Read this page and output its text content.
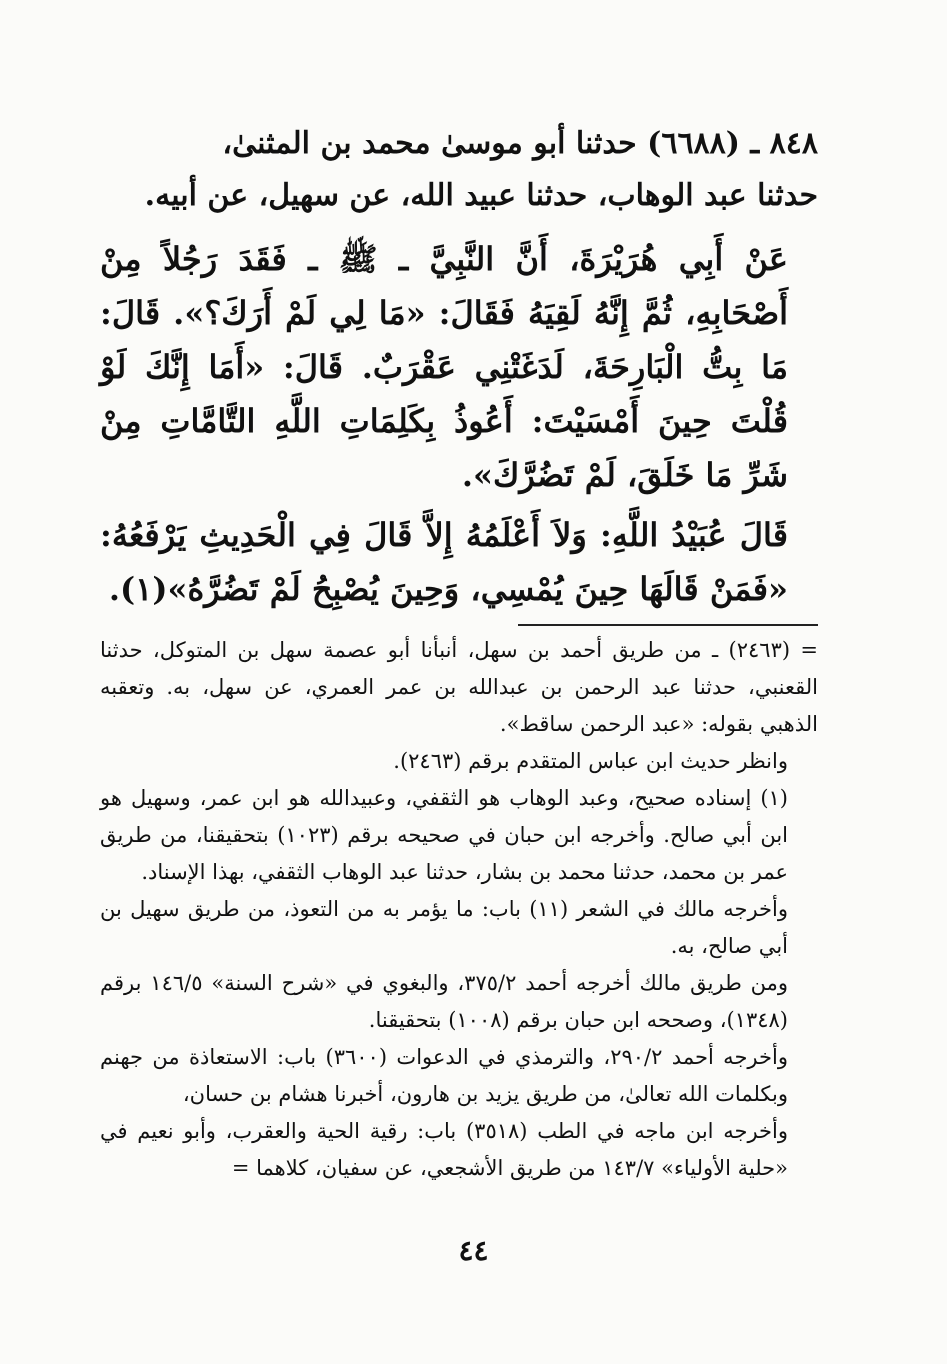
٨٤٨ ـ (٦٦٨٨) حدثنا أبو موسىٰ محمد بن المثنىٰ،

حدثنا عبد الوهاب، حدثنا عبيد الله، عن سهيل، عن أبيه.

عَنْ أَبِي هُرَيْرَةَ، أَنَّ النَّبِيَّ ـ ﷺ ـ فَقَدَ رَجُلاً مِنْ أَصْحَابِهِ، ثُمَّ إِنَّهُ لَقِيَهُ فَقَالَ: «مَا لِي لَمْ أَرَكَ؟». قَالَ: مَا بِتُّ الْبَارِحَةَ، لَدَغَتْنِي عَقْرَبٌ. قَالَ: «أَمَا إِنَّكَ لَوْ قُلْتَ حِينَ أَمْسَيْتَ: أَعُوذُ بِكَلِمَاتِ اللَّهِ التَّامَّاتِ مِنْ شَرِّ مَا خَلَقَ، لَمْ تَضُرَّكَ».

قَالَ عُبَيْدُ اللَّهِ: وَلاَ أَعْلَمُهُ إِلاَّ قَالَ فِي الْحَدِيثِ يَرْفَعُهُ: «فَمَنْ قَالَهَا حِينَ يُمْسِي، وَحِينَ يُصْبِحُ لَمْ تَضُرَّهُ»(١).

= (٢٤٦٣) ـ من طريق أحمد بن سهل، أنبأنا أبو عصمة سهل بن المتوكل، حدثنا القعنبي، حدثنا عبد الرحمن بن عبدالله بن عمر العمري، عن سهل، به. وتعقبه الذهبي بقوله: «عبد الرحمن ساقط».

وانظر حديث ابن عباس المتقدم برقم (٢٤٦٣).

(١) إسناده صحيح، وعبد الوهاب هو الثقفي، وعبيدالله هو ابن عمر، وسهيل هو ابن أبي صالح. وأخرجه ابن حبان في صحيحه برقم (١٠٢٣) بتحقيقنا، من طريق عمر بن محمد، حدثنا محمد بن بشار، حدثنا عبد الوهاب الثقفي، بهذا الإسناد.

وأخرجه مالك في الشعر (١١) باب: ما يؤمر به من التعوذ، من طريق سهيل بن أبي صالح، به.

ومن طريق مالك أخرجه أحمد ٣٧٥/٢، والبغوي في «شرح السنة» ١٤٦/٥ برقم (١٣٤٨)، وصححه ابن حبان برقم (١٠٠٨) بتحقيقنا.

وأخرجه أحمد ٢٩٠/٢، والترمذي في الدعوات (٣٦٠٠) باب: الاستعاذة من جهنم وبكلمات الله تعالىٰ، من طريق يزيد بن هارون، أخبرنا هشام بن حسان،

وأخرجه ابن ماجه في الطب (٣٥١٨) باب: رقية الحية والعقرب، وأبو نعيم في «حلية الأولياء» ١٤٣/٧ من طريق الأشجعي، عن سفيان، كلاهما =

٤٤
